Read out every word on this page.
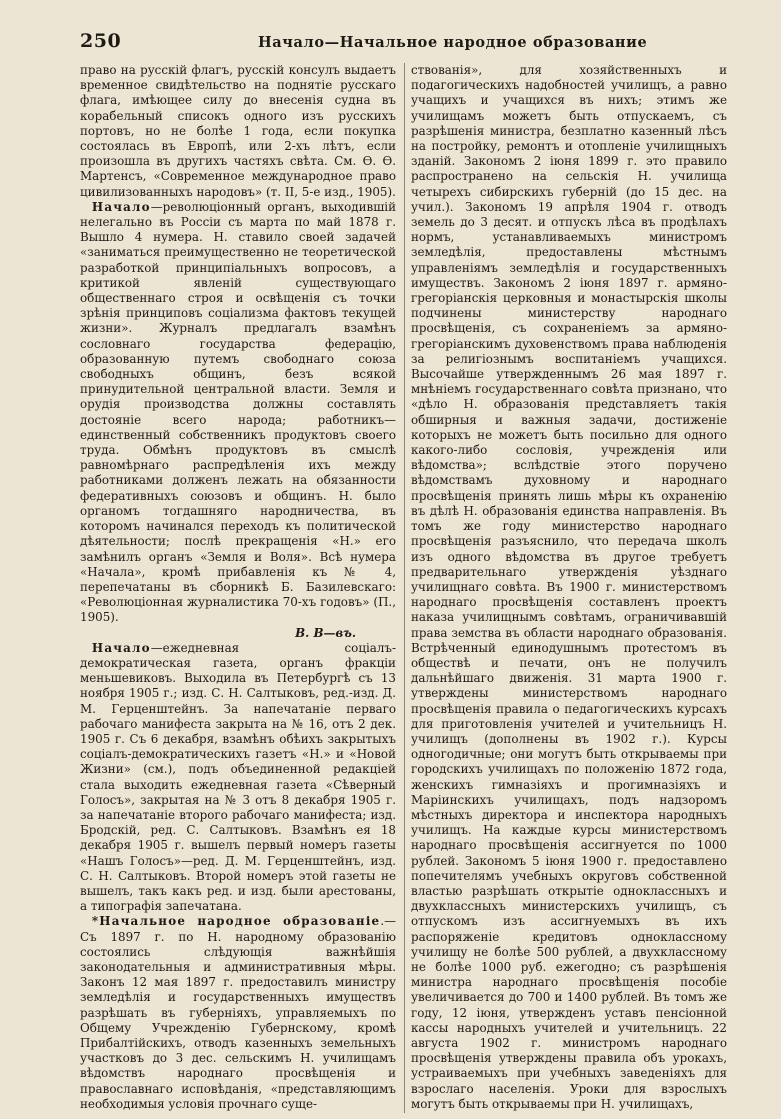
250	Начало—Начальное народное образование

право на русскій флагъ, русскій консулъ выдаетъ временное свидѣтельство на поднятіе русскаго флага, имѣющее силу до внесенія судна въ корабельный списокъ одного изъ русскихъ портовъ, но не болѣе 1 года, если покупка состоялась въ Европѣ, или 2-хъ лѣтъ, если произошла въ другихъ частяхъ свѣта. См. Ѳ. Ѳ. Мартенсъ, «Современное международное право цивилизованныхъ народовъ» (т. II, 5-е изд., 1905).

 Начало—революціонный органъ, выходившій нелегально въ Россіи съ марта по май 1878 г. Вышло 4 нумера. Н. ставило своей задачей «заниматься преимущественно не теоретической разработкой принципіальныхъ вопросовъ, а критикой явленій существующаго общественнаго строя и освѣщенія съ точки зрѣнія принциповъ соціализма фактовъ текущей жизни». Журналъ предлагалъ взамѣнъ сословнаго государства федерацію, образованную путемъ свободнаго союза свободныхъ общинъ, безъ всякой принудительной центральной власти. Земля и орудія производства должны составлять достояніе всего народа; работникъ—единственный собственникъ продуктовъ своего труда. Обмѣнъ продуктовъ въ смыслѣ равномѣрнаго распредѣленія ихъ между работниками долженъ лежать на обязанности федеративныхъ союзовъ и общинъ. Н. было органомъ тогдашняго народничества, въ которомъ начинался переходъ къ политической дѣятельности; послѣ прекращенія «Н.» его замѣнилъ органъ «Земля и Воля». Всѣ нумера «Начала», кромѣ прибавленія къ № 4, перепечатаны въ сборникѣ Б. Базилевскаго: «Революціонная журналистика 70-хъ годовъ» (П., 1905).

В. В—въ.

 Начало—ежедневная соціалъ-демократическая газета, органъ фракціи меньшевиковъ. Выходила въ Петербургѣ съ 13 ноября 1905 г.; изд. С. Н. Салтыковъ, ред.-изд. Д. М. Герценштейнъ. За напечатаніе перваго рабочаго манифеста закрыта на № 16, отъ 2 дек. 1905 г. Съ 6 декабря, взамѣнъ обѣихъ закрытыхъ соціалъ-демократическихъ газетъ «Н.» и «Новой Жизни» (см.), подъ объединенной редакціей стала выходить ежедневная газета «Сѣверный Голосъ», закрытая на № 3 отъ 8 декабря 1905 г. за напечатаніе второго рабочаго манифеста; изд. Бродскій, ред. С. Салтыковъ. Взамѣнъ ея 18 декабря 1905 г. вышелъ первый номеръ газеты «Нашъ Голосъ»—ред. Д. М. Герценштейнъ, изд. С. Н. Салтыковъ. Второй номеръ этой газеты не вышелъ, такъ какъ ред. и изд. были арестованы, а типографія запечатана.

 *Начальное народное образованіе.—Съ 1897 г. по Н. народному образованію состоялись слѣдующія важнѣйшія законодательныя и административныя мѣры. Законъ 12 мая 1897 г. предоставилъ министру земледѣлія и государственныхъ имуществъ разрѣшать въ губерніяхъ, управляемыхъ по Общему Учрежденію Губернскому, кромѣ Прибалтійскихъ, отводъ казенныхъ земельныхъ участковъ до 3 дес. сельскимъ Н. училищамъ вѣдомствъ народнаго просвѣщенія и православнаго исповѣданія, «представляющимъ необходимыя условія прочнаго суще-

ствованія», для хозяйственныхъ и подагогическихъ надобностей училищъ, а равно учащихъ и учащихся въ нихъ; этимъ же училищамъ можетъ быть отпускаемъ, съ разрѣшенія министра, безплатно казенный лѣсъ на постройку, ремонтъ и отопленіе училищныхъ зданій. Закономъ 2 іюня 1899 г. это правило распространено на сельскія Н. училища четырехъ сибирскихъ губерній (до 15 дес. на учил.). Закономъ 19 апрѣля 1904 г. отводъ земель до 3 десят. и отпускъ лѣса въ продѣлахъ нормъ, устанавливаемыхъ министромъ земледѣлія, предоставлены мѣстнымъ управленіямъ земледѣлія и государственныхъ имуществъ. Закономъ 2 іюня 1897 г. армяно-грегоріанскія церковныя и монастырскія школы подчинены министерству народнаго просвѣщенія, съ сохраненіемъ за армяно-грегоріанскимъ духовенствомъ права наблюденія за религіознымъ воспитаніемъ учащихся. Высочайше утвержденнымъ 26 мая 1897 г. мнѣніемъ государственнаго совѣта признано, что «дѣло Н. образованія представляетъ такія обширныя и важныя задачи, достиженіе которыхъ не можетъ быть посильно для одного какого-либо сословія, учрежденія или вѣдомства»; вслѣдствіе этого поручено вѣдомствамъ духовному и народнаго просвѣщенія принять лишь мѣры къ охраненію въ дѣлѣ Н. образованія единства направленія. Въ томъ же году министерство народнаго просвѣщенія разъяснило, что передача школъ изъ одного вѣдомства въ другое требуетъ предварительнаго утвержденія уѣзднаго училищнаго совѣта. Въ 1900 г. министерствомъ народнаго просвѣщенія составленъ проектъ наказа училищнымъ совѣтамъ, ограничивавшій права земства въ области народнаго образованія. Встрѣченный единодушнымъ протестомъ въ обществѣ и печати, онъ не получилъ дальнѣйшаго движенія. 31 марта 1900 г. утверждены министерствомъ народнаго просвѣщенія правила о педагогическихъ курсахъ для приготовленія учителей и учительницъ Н. училищъ (дополнены въ 1902 г.). Курсы одногодичные; они могутъ быть открываемы при городскихъ училищахъ по положенію 1872 года, женскихъ гимназіяхъ и прогимназіяхъ и Маріинскихъ училищахъ, подъ надзоромъ мѣстныхъ директора и инспектора народныхъ училищъ. На каждые курсы министерствомъ народнаго просвѣщенія ассигнуется по 1000 рублей. Закономъ 5 іюня 1900 г. предоставлено попечителямъ учебныхъ округовъ собственной властью разрѣшать открытіе одноклассныхъ и двухклассныхъ министерскихъ училищъ, съ отпускомъ изъ ассигнуемыхъ въ ихъ распоряженіе кредитовъ одноклассному училищу не болѣе 500 рублей, а двухклассному не болѣе 1000 руб. ежегодно; съ разрѣшенія министра народнаго просвѣщенія пособіе увеличивается до 700 и 1400 рублей. Въ томъ же году, 12 іюня, утвержденъ уставъ пенсіонной кассы народныхъ учителей и учительницъ. 22 августа 1902 г. министромъ народнаго просвѣщенія утверждены правила объ урокахъ, устраиваемыхъ при учебныхъ заведеніяхъ для взрослаго населенія. Уроки для взрослыхъ могутъ быть открываемы при Н. училищахъ,
